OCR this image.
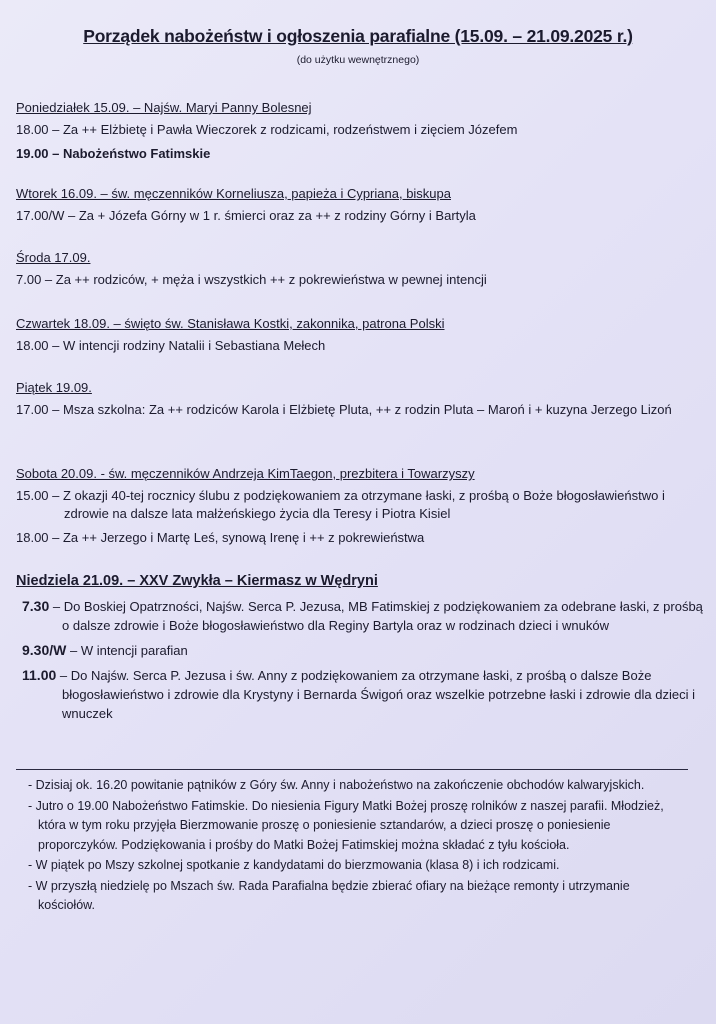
Porządek nabożeństw i ogłoszenia parafialne (15.09. – 21.09.2025 r.)
(do użytku wewnętrznego)
Poniedziałek 15.09. – Najśw. Maryi Panny Bolesnej
18.00 – Za ++ Elżbietę i Pawła Wieczorek z rodzicami, rodzeństwem i zięciem Józefem
19.00 – Nabożeństwo Fatimskie
Wtorek 16.09. – św. męczenników Korneliusza, papieża i Cypriana, biskupa
17.00/W – Za + Józefa Górny w 1 r. śmierci oraz za ++ z rodziny Górny i Bartyla
Środa 17.09.
7.00 – Za ++ rodziców, + męża i wszystkich ++ z pokrewieństwa w pewnej intencji
Czwartek 18.09. – święto św. Stanisława Kostki, zakonnika, patrona Polski
18.00 – W intencji rodziny Natalii i Sebastiana Mełech
Piątek 19.09.
17.00 – Msza szkolna: Za ++ rodziców Karola i Elżbietę Pluta, ++ z rodzin Pluta – Maroń i + kuzyna Jerzego Lizoń
Sobota 20.09. - św. męczenników Andrzeja KimTaegon, prezbitera i Towarzyszy
15.00 – Z okazji 40-tej rocznicy ślubu z podziękowaniem za otrzymane łaski, z prośbą o Boże błogosławieństwo i zdrowie na dalsze lata małżeńskiego życia dla Teresy i Piotra Kisiel
18.00 – Za ++ Jerzego i Martę Leś, synową Irenę i ++ z pokrewieństwa
Niedziela 21.09. – XXV Zwykła – Kiermasz w Wędryni
7.30 – Do Boskiej Opatrzności, Najśw. Serca P. Jezusa, MB Fatimskiej z podziękowaniem za odebrane łaski, z prośbą o dalsze zdrowie i Boże błogosławieństwo dla Reginy Bartyla oraz w rodzinach dzieci i wnuków
9.30/W – W intencji parafian
11.00 – Do Najśw. Serca P. Jezusa i św. Anny z podziękowaniem za otrzymane łaski, z prośbą o dalsze Boże błogosławieństwo i zdrowie dla Krystyny i Bernarda Świgoń oraz wszelkie potrzebne łaski i zdrowie dla dzieci i wnuczek
- Dzisiaj ok. 16.20 powitanie pątników z Góry św. Anny i nabożeństwo na zakończenie obchodów kalwaryjskich.
- Jutro o 19.00 Nabożeństwo Fatimskie. Do niesienia Figury Matki Bożej proszę rolników z naszej parafii. Młodzież, która w tym roku przyjęła Bierzmowanie proszę o poniesienie sztandarów, a dzieci proszę o poniesienie proporczyków. Podziękowania i prośby do Matki Bożej Fatimskiej można składać z tyłu kościoła.
- W piątek po Mszy szkolnej spotkanie z kandydatami do bierzmowania (klasa 8) i ich rodzicami.
- W przyszłą niedzielę po Mszach św. Rada Parafialna będzie zbierać ofiary na bieżące remonty i utrzymanie kościołów.
